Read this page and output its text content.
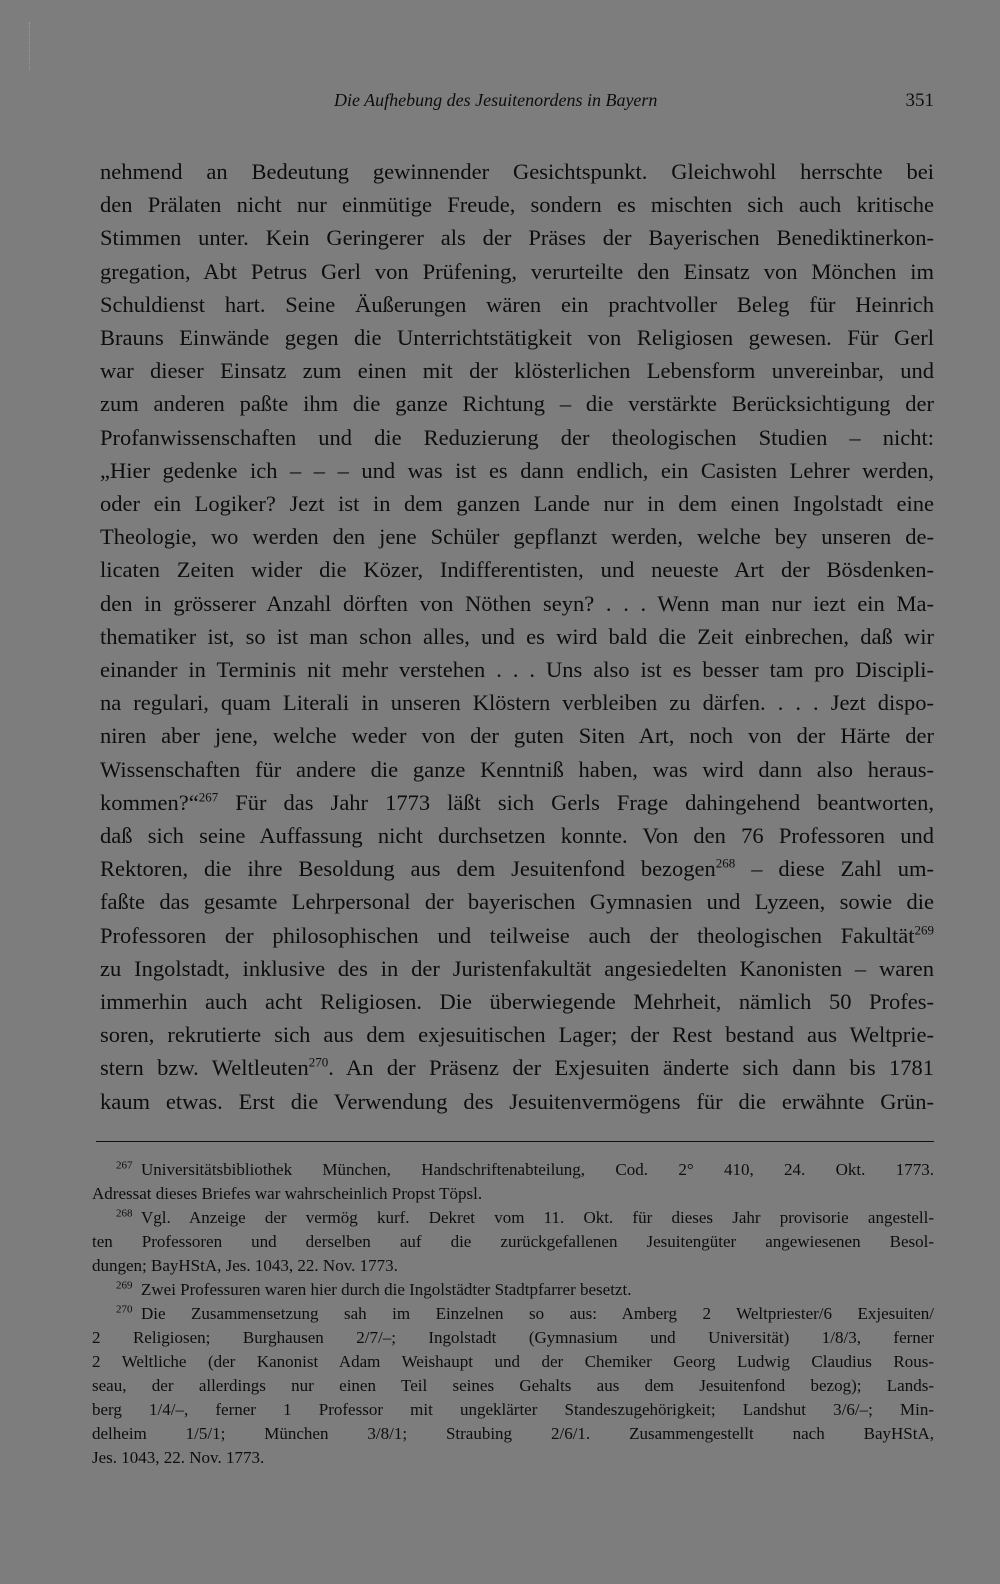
Die Aufhebung des Jesuitenordens in Bayern	351
nehmend an Bedeutung gewinnender Gesichtspunkt. Gleichwohl herrschte bei
den Prälaten nicht nur einmütige Freude, sondern es mischten sich auch kritische
Stimmen unter. Kein Geringerer als der Präses der Bayerischen Benediktinerkon-
gregation, Abt Petrus Gerl von Prüfening, verurteilte den Einsatz von Mönchen im
Schuldienst hart. Seine Äußerungen wären ein prachtvoller Beleg für Heinrich
Brauns Einwände gegen die Unterrichtstätigkeit von Religiosen gewesen. Für Gerl
war dieser Einsatz zum einen mit der klösterlichen Lebensform unvereinbar, und
zum anderen paßte ihm die ganze Richtung – die verstärkte Berücksichtigung der
Profanwissenschaften und die Reduzierung der theologischen Studien – nicht:
„Hier gedenke ich – – – und was ist es dann endlich, ein Casisten Lehrer werden,
oder ein Logiker? Jezt ist in dem ganzen Lande nur in dem einen Ingolstadt eine
Theologie, wo werden den jene Schüler gepflanzt werden, welche bey unseren de-
licaten Zeiten wider die Közer, Indifferentisten, und neueste Art der Bösdenken-
den in grösserer Anzahl dörften von Nöthen seyn? . . . Wenn man nur iezt ein Ma-
thematiker ist, so ist man schon alles, und es wird bald die Zeit einbrechen, daß wir
einander in Terminis nit mehr verstehen . . . Uns also ist es besser tam pro Discipli-
na regulari, quam Literali in unseren Klöstern verbleiben zu därfen. . . . Jezt dispo-
niren aber jene, welche weder von der guten Siten Art, noch von der Härte der
Wissenschaften für andere die ganze Kenntniß haben, was wird dann also heraus-
kommen?“$^{267}$ Für das Jahr 1773 läßt sich Gerls Frage dahingehend beantworten,
daß sich seine Auffassung nicht durchsetzen konnte. Von den 76 Professoren und
Rektoren, die ihre Besoldung aus dem Jesuitenfond bezogen$^{268}$ – diese Zahl um-
faßte das gesamte Lehrpersonal der bayerischen Gymnasien und Lyzeen, sowie die
Professoren der philosophischen und teilweise auch der theologischen Fakultät$^{269}$
zu Ingolstadt, inklusive des in der Juristenfakultät angesiedelten Kanonisten – waren
immerhin auch acht Religiosen. Die überwiegende Mehrheit, nämlich 50 Profes-
soren, rekrutierte sich aus dem exjesuitischen Lager; der Rest bestand aus Weltprie-
stern bzw. Weltleuten$^{270}$. An der Präsenz der Exjesuiten änderte sich dann bis 1781
kaum etwas. Erst die Verwendung des Jesuitenvermögens für die erwähnte Grün-
$^{267}$  Universitätsbibliothek München, Handschriftenabteilung, Cod. 2° 410, 24. Okt. 1773.
Adressat dieses Briefes war wahrscheinlich Propst Töpsl.
$^{268}$  Vgl. Anzeige der vermög kurf. Dekret vom 11. Okt. für dieses Jahr provisorie angestell-
ten Professoren und derselben auf die zurückgefallenen Jesuitengüter angewiesenen Besol-
dungen; BayHStA, Jes. 1043, 22. Nov. 1773.
$^{269}$  Zwei Professuren waren hier durch die Ingolstädter Stadtpfarrer besetzt.
$^{270}$  Die Zusammensetzung sah im Einzelnen so aus: Amberg 2 Weltpriester/6 Exjesuiten/
2 Religiosen; Burghausen 2/7/–; Ingolstadt (Gymnasium und Universität) 1/8/3, ferner
2 Weltliche (der Kanonist Adam Weishaupt und der Chemiker Georg Ludwig Claudius Rous-
seau, der allerdings nur einen Teil seines Gehalts aus dem Jesuitenfond bezog); Lands-
berg 1/4/–, ferner 1 Professor mit ungeklärter Standeszugehörigkeit; Landshut 3/6/–; Min-
delheim 1/5/1; München 3/8/1; Straubing 2/6/1. Zusammengestellt nach BayHStA,
Jes. 1043, 22. Nov. 1773.
